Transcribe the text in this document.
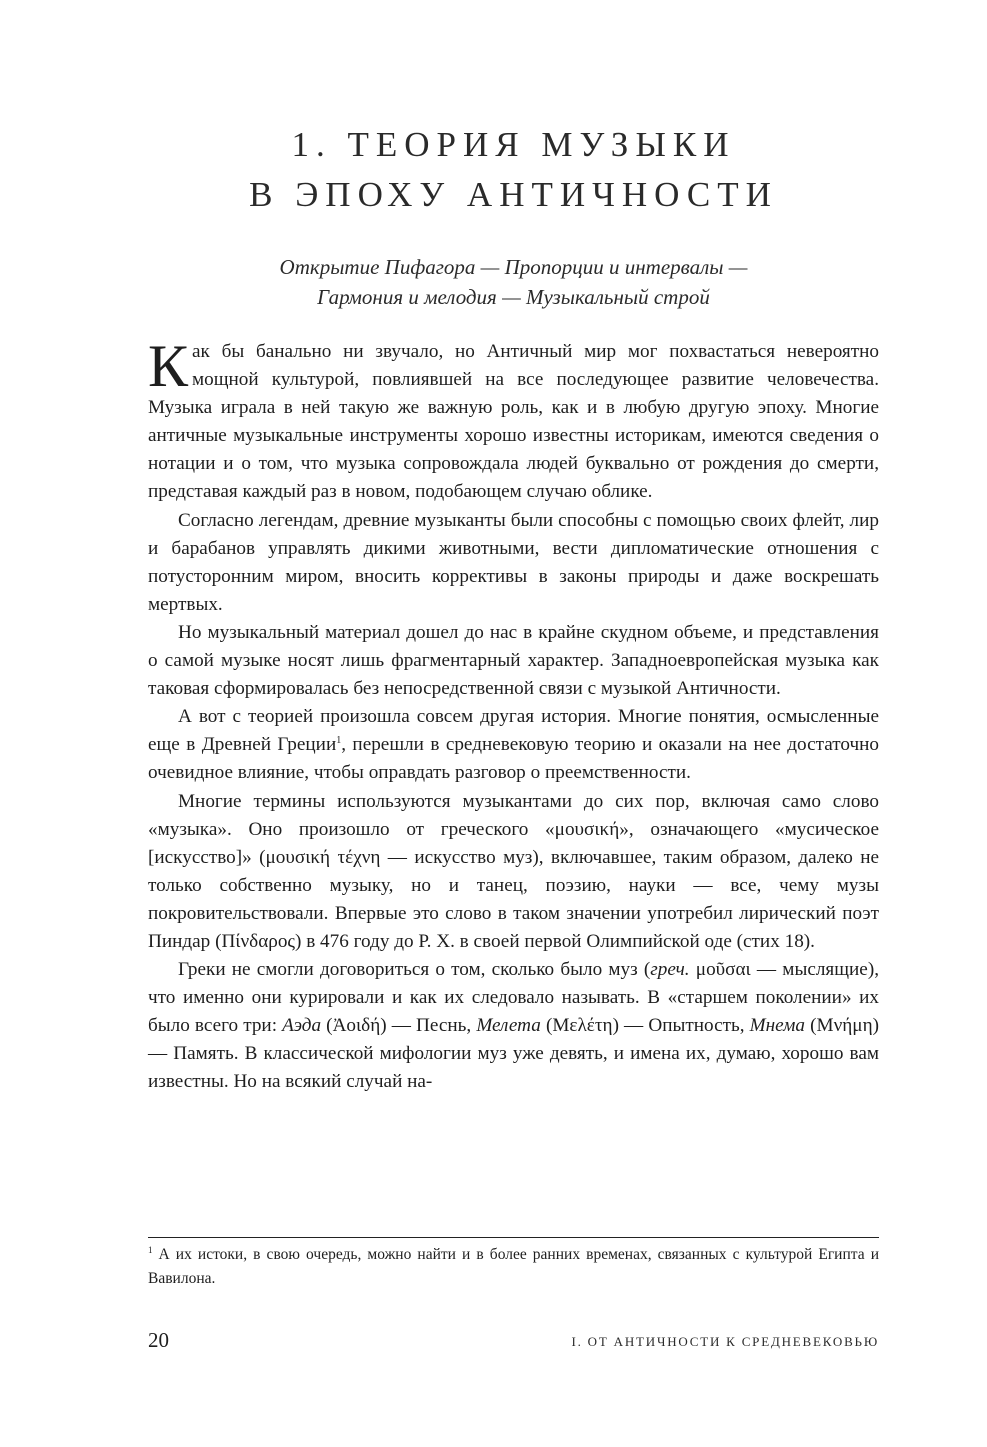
1. ТЕОРИЯ МУЗЫКИ
В ЭПОХУ АНТИЧНОСТИ
Открытие Пифагора — Пропорции и интервалы —
Гармония и мелодия — Музыкальный строй

Как бы банально ни звучало, но Античный мир мог похвастаться невероятно мощной культурой, повлиявшей на все последующее развитие человечества. Музыка играла в ней такую же важную роль, как и в любую другую эпоху. Многие античные музыкальные инструменты хорошо известны историкам, имеются сведения о нотации и о том, что музыка сопровождала людей буквально от рождения до смерти, представая каждый раз в новом, подобающем случаю облике.

Согласно легендам, древние музыканты были способны с помощью своих флейт, лир и барабанов управлять дикими животными, вести дипломатические отношения с потусторонним миром, вносить коррективы в законы природы и даже воскрешать мертвых.

Но музыкальный материал дошел до нас в крайне скудном объеме, и представления о самой музыке носят лишь фрагментарный характер. Западноевропейская музыка как таковая сформировалась без непосредственной связи с музыкой Античности.

А вот с теорией произошла совсем другая история. Многие понятия, осмысленные еще в Древней Греции$^1$, перешли в средневековую теорию и оказали на нее достаточно очевидное влияние, чтобы оправдать разговор о преемственности.

Многие термины используются музыкантами до сих пор, включая само слово «музыка». Оно произошло от греческого «μουσική», означающего «мусическое [искусство]» (μουσική τέχνη — искусство муз), включавшее, таким образом, далеко не только собственно музыку, но и танец, поэзию, науки — все, чему музы покровительствовали. Впервые это слово в таком значении употребил лирический поэт Пиндар (Πίνδαρος) в 476 году до Р. Х. в своей первой Олимпийской оде (стих 18).

Греки не смогли договориться о том, сколько было муз (греч. μοῦσαι — мыслящие), что именно они курировали и как их следовало называть. В «старшем поколении» их было всего три: Аэда (Ἀοιδή) — Песнь, Мелета (Μελέτη) — Опытность, Мнема (Μνήμη) — Память. В классической мифологии муз уже девять, и имена их, думаю, хорошо вам известны. Но на всякий случай на-

$^1$ А их истоки, в свою очередь, можно найти и в более ранних временах, связанных с культурой Египта и Вавилона.

20	I. ОТ АНТИЧНОСТИ К СРЕДНЕВЕКОВЬЮ
